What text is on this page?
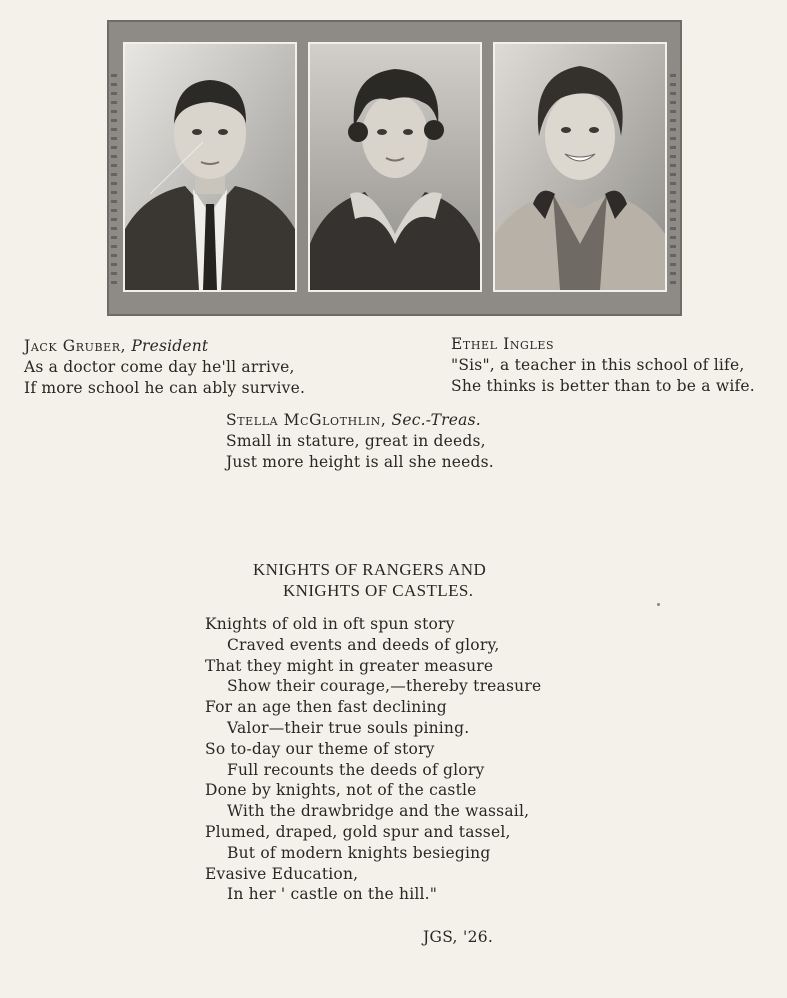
Jack Gruber, President
As a doctor come day he'll arrive,
If more school he can ably survive.
Ethel Ingles
"Sis", a teacher in this school of life,
She thinks is better than to be a wife.
Stella McGlothlin, Sec.-Treas.
Small in stature, great in deeds,
Just more height is all she needs.
KNIGHTS OF RANGERS AND
KNIGHTS OF CASTLES.
Knights of old in oft spun story
Craved events and deeds of glory,
That they might in greater measure
Show their courage,—thereby treasure
For an age then fast declining
Valor—their true souls pining.
So to-day our theme of story
Full recounts the deeds of glory
Done by knights, not of the castle
With the drawbridge and the wassail,
Plumed, draped, gold spur and tassel,
But of modern knights besieging
Evasive Education,
In her ' castle on the hill."
JGS, '26.
